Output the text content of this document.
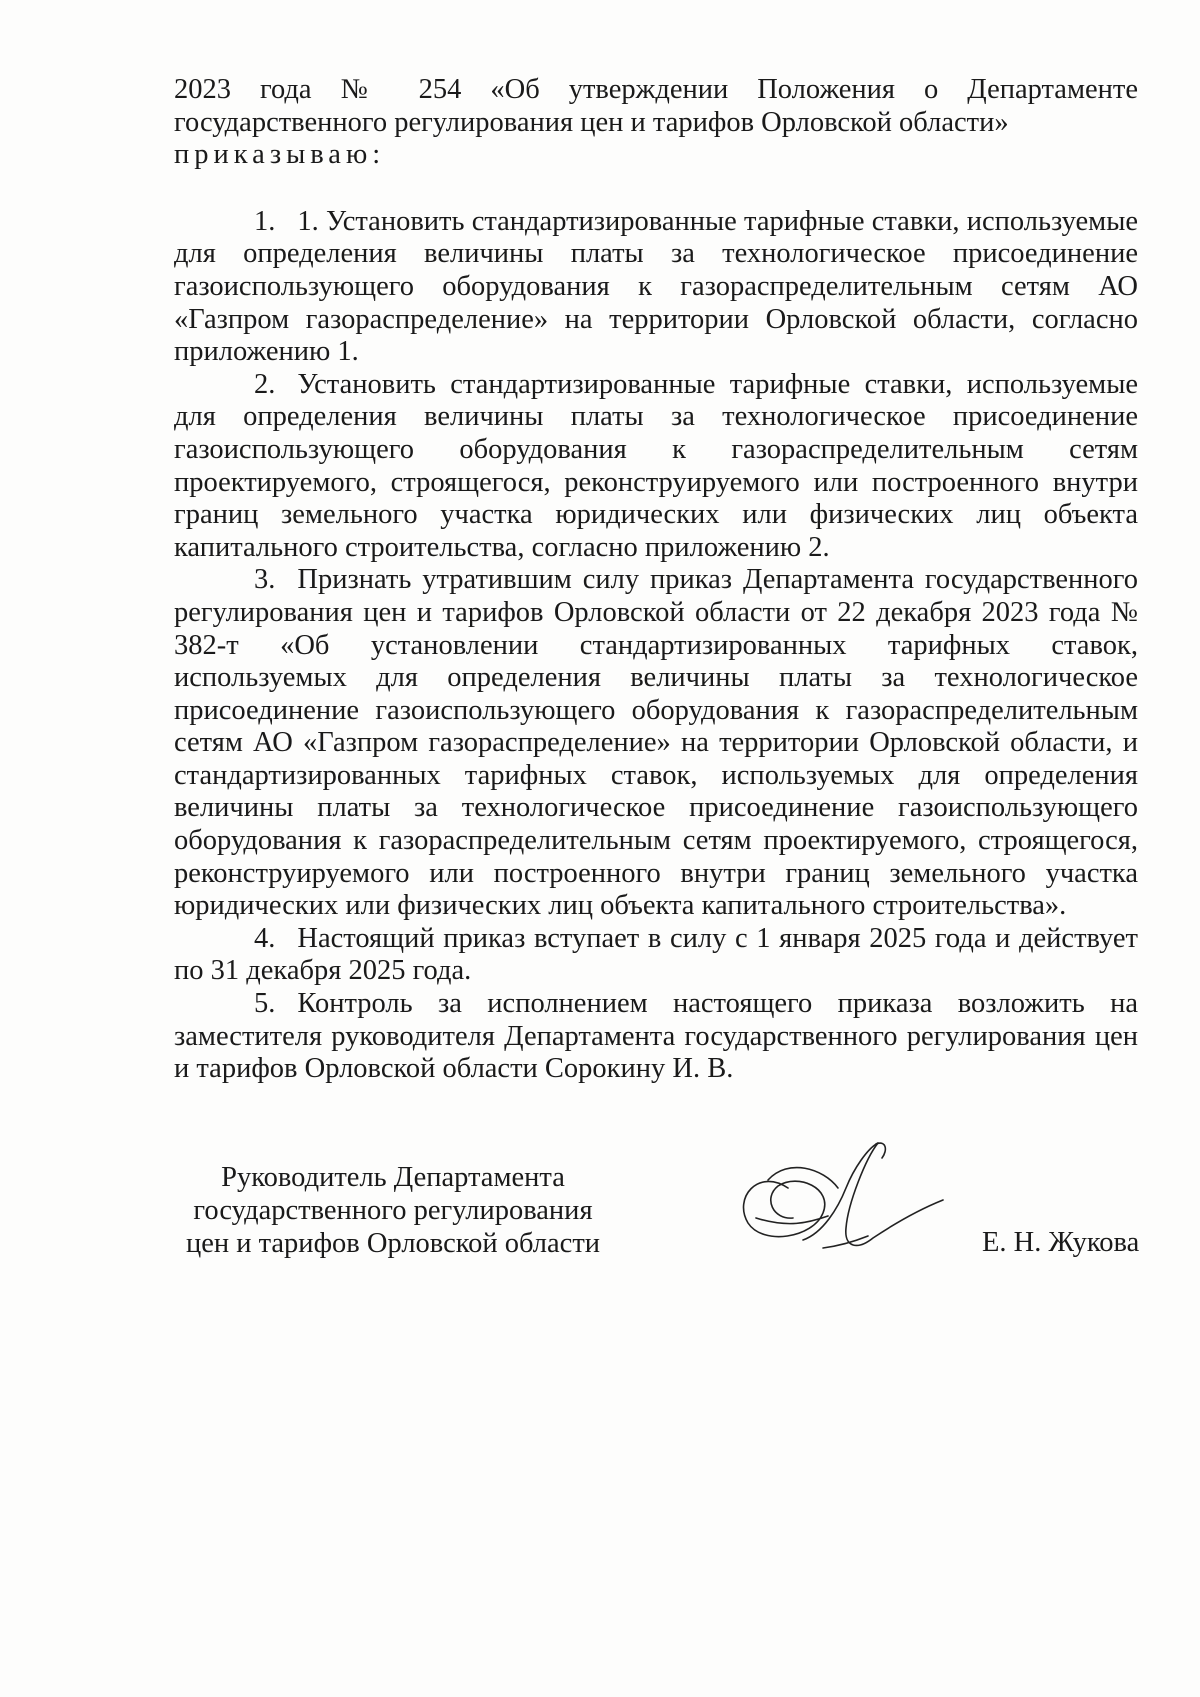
2023 года № 254 «Об утверждении Положения о Департаменте государственного регулирования цен и тарифов Орловской области»
приказываю:

1. 1. Установить стандартизированные тарифные ставки, используемые для определения величины платы за технологическое присоединение газоиспользующего оборудования к газораспределительным сетям АО «Газпром газораспределение» на территории Орловской области, согласно приложению 1.

2. Установить стандартизированные тарифные ставки, используемые для определения величины платы за технологическое присоединение газоиспользующего оборудования к газораспределительным сетям проектируемого, строящегося, реконструируемого или построенного внутри границ земельного участка юридических или физических лиц объекта капитального строительства, согласно приложению 2.

3. Признать утратившим силу приказ Департамента государственного регулирования цен и тарифов Орловской области от 22 декабря 2023 года № 382-т «Об установлении стандартизированных тарифных ставок, используемых для определения величины платы за технологическое присоединение газоиспользующего оборудования к газораспределительным сетям АО «Газпром газораспределение» на территории Орловской области, и стандартизированных тарифных ставок, используемых для определения величины платы за технологическое присоединение газоиспользующего оборудования к газораспределительным сетям проектируемого, строящегося, реконструируемого или построенного внутри границ земельного участка юридических или физических лиц объекта капитального строительства».

4. Настоящий приказ вступает в силу с 1 января 2025 года и действует по 31 декабря 2025 года.

5. Контроль за исполнением настоящего приказа возложить на заместителя руководителя Департамента государственного регулирования цен и тарифов Орловской области Сорокину И. В.

Руководитель Департамента
государственного регулирования
цен и тарифов Орловской области	Е. Н. Жукова
